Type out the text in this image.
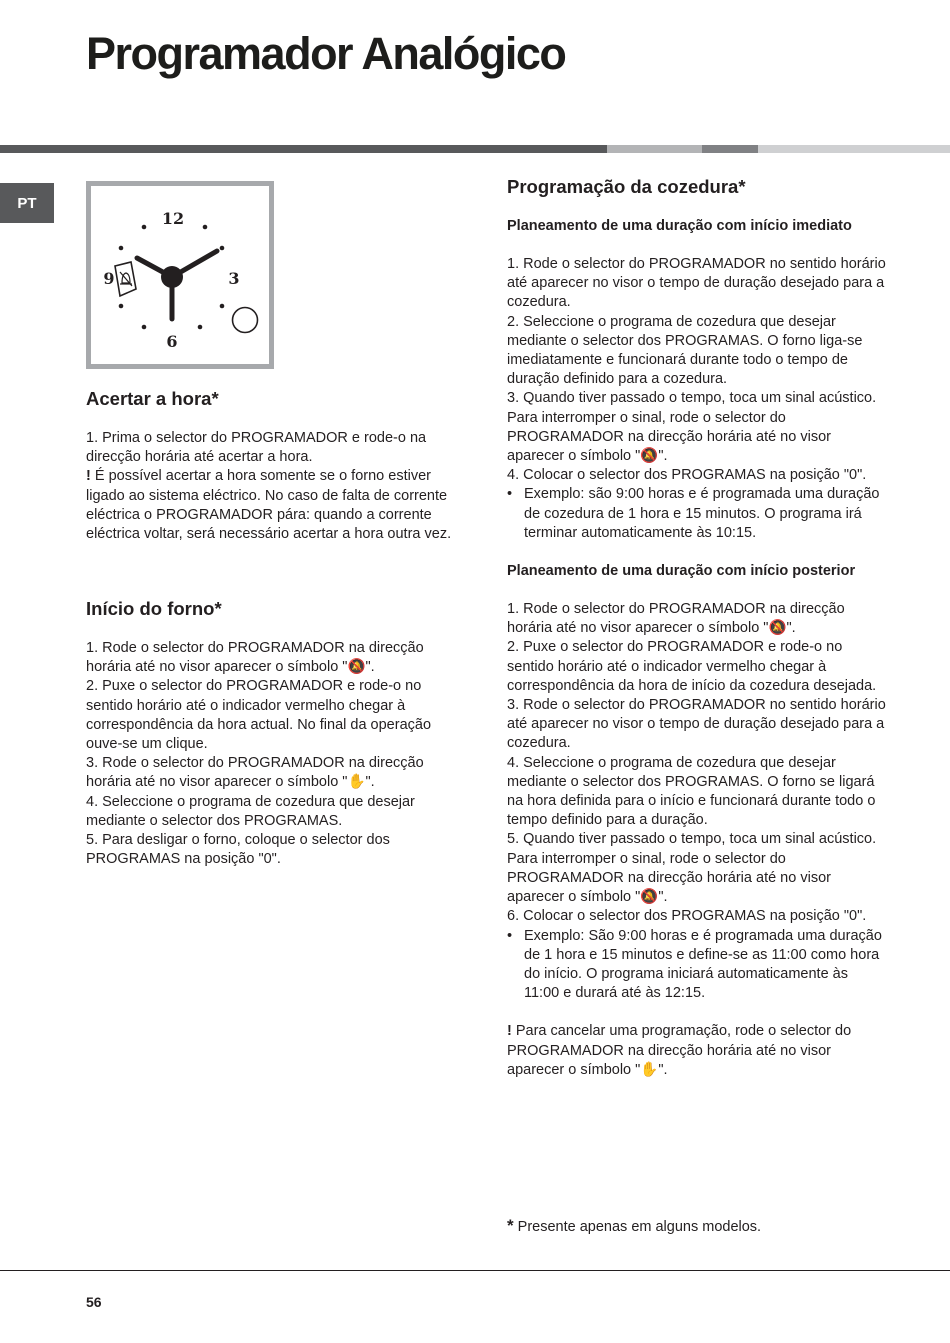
Programador Analógico
PT
12
3
6
9
Acertar a hora*

1. Prima o selector do PROGRAMADOR e rode-o na direcção horária até acertar a hora.

! É possível acertar a hora somente se o forno estiver ligado ao sistema eléctrico. No caso de falta de corrente eléctrica o PROGRAMADOR pára: quando a corrente eléctrica voltar, será necessário acertar a hora outra vez.

Início do forno*

1. Rode o selector do PROGRAMADOR na direcção horária até no visor aparecer o símbolo "🔕".

2. Puxe o selector do PROGRAMADOR e rode-o no sentido horário até o indicador vermelho chegar à correspondência da hora actual. No final da operação ouve-se um clique.

3. Rode o selector do PROGRAMADOR na direcção horária até no visor aparecer o símbolo "✋".

4. Seleccione o programa de cozedura que desejar mediante o selector dos PROGRAMAS.

5. Para desligar o forno, coloque o selector dos PROGRAMAS na posição "0".

Programação da cozedura*
Planeamento de uma duração com início imediato

1. Rode o selector do PROGRAMADOR no sentido horário até aparecer no visor o tempo de duração desejado para a cozedura.

2. Seleccione o programa de cozedura que desejar mediante o selector dos PROGRAMAS. O forno liga-se imediatamente e funcionará durante todo o tempo de duração definido para a cozedura.

3. Quando tiver passado o tempo, toca um sinal acústico. Para interromper o sinal, rode o selector do PROGRAMADOR na direcção horária até no visor aparecer o símbolo "🔕".

4. Colocar o selector dos PROGRAMAS na posição "0".

• Exemplo: são 9:00 horas e é programada uma duração de cozedura de 1 hora e 15 minutos. O programa irá terminar automaticamente às 10:15.

Planeamento de uma duração com início posterior

1. Rode o selector do PROGRAMADOR na direcção horária até no visor aparecer o símbolo "🔕".

2. Puxe o selector do PROGRAMADOR e rode-o no sentido horário até o indicador vermelho chegar à correspondência da hora de início da cozedura desejada.

3. Rode o selector do PROGRAMADOR no sentido horário até aparecer no visor o tempo de duração desejado para a cozedura.

4. Seleccione o programa de cozedura que desejar mediante o selector dos PROGRAMAS. O forno se ligará na hora definida para o início e funcionará durante todo o tempo definido para a duração.

5. Quando tiver passado o tempo, toca um sinal acústico. Para interromper o sinal, rode o selector do PROGRAMADOR na direcção horária até no visor aparecer o símbolo "🔕".

6. Colocar o selector dos PROGRAMAS na posição "0".

• Exemplo: São 9:00 horas e é programada uma duração de 1 hora e 15 minutos e define-se as 11:00 como hora do início. O programa iniciará automaticamente às 11:00 e durará até às 12:15.

! Para cancelar uma programação, rode o selector do PROGRAMADOR na direcção horária até no visor aparecer o símbolo "✋".

* Presente apenas em alguns modelos.
56
